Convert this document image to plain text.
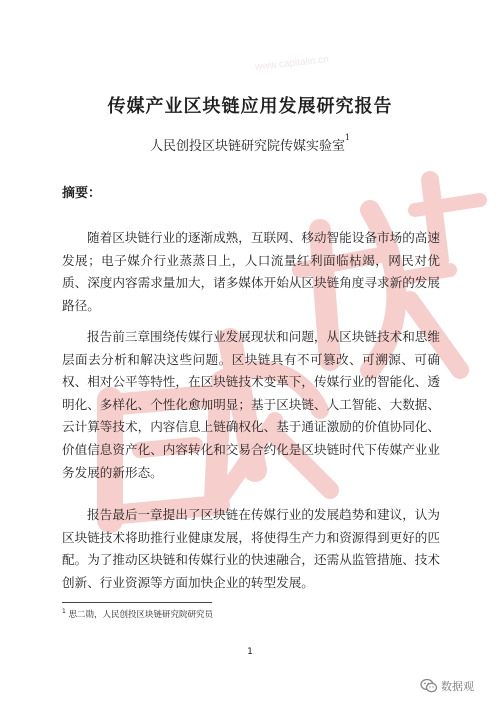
www.capitalin.cn
传媒产业区块链应用发展研究报告
人民创投区块链研究院传媒实验室$^1$
摘要：

随着区块链行业的逐渐成熟，互联网、移动智能设备市场的高速发展；电子媒介行业蒸蒸日上，人口流量红利面临枯竭，网民对优质、深度内容需求量加大，诸多媒体开始从区块链角度寻求新的发展路径。

报告前三章围绕传媒行业发展现状和问题，从区块链技术和思维层面去分析和解决这些问题。区块链具有不可篡改、可溯源、可确权、相对公平等特性，在区块链技术变革下，传媒行业的智能化、透明化、多样化、个性化愈加明显；基于区块链、人工智能、大数据、云计算等技术，内容信息上链确权化、基于通证激励的价值协同化、价值信息资产化、内容转化和交易合约化是区块链时代下传媒产业业务发展的新形态。

报告最后一章提出了区块链在传媒行业的发展趋势和建议，认为区块链技术将助推行业健康发展，将使得生产力和资源得到更好的匹配。为了推动区块链和传媒行业的快速融合，还需从监管措施、技术创新、行业资源等方面加快企业的转型发展。

$^1$ 思二勋，人民创投区块链研究院研究员
1
数据观
